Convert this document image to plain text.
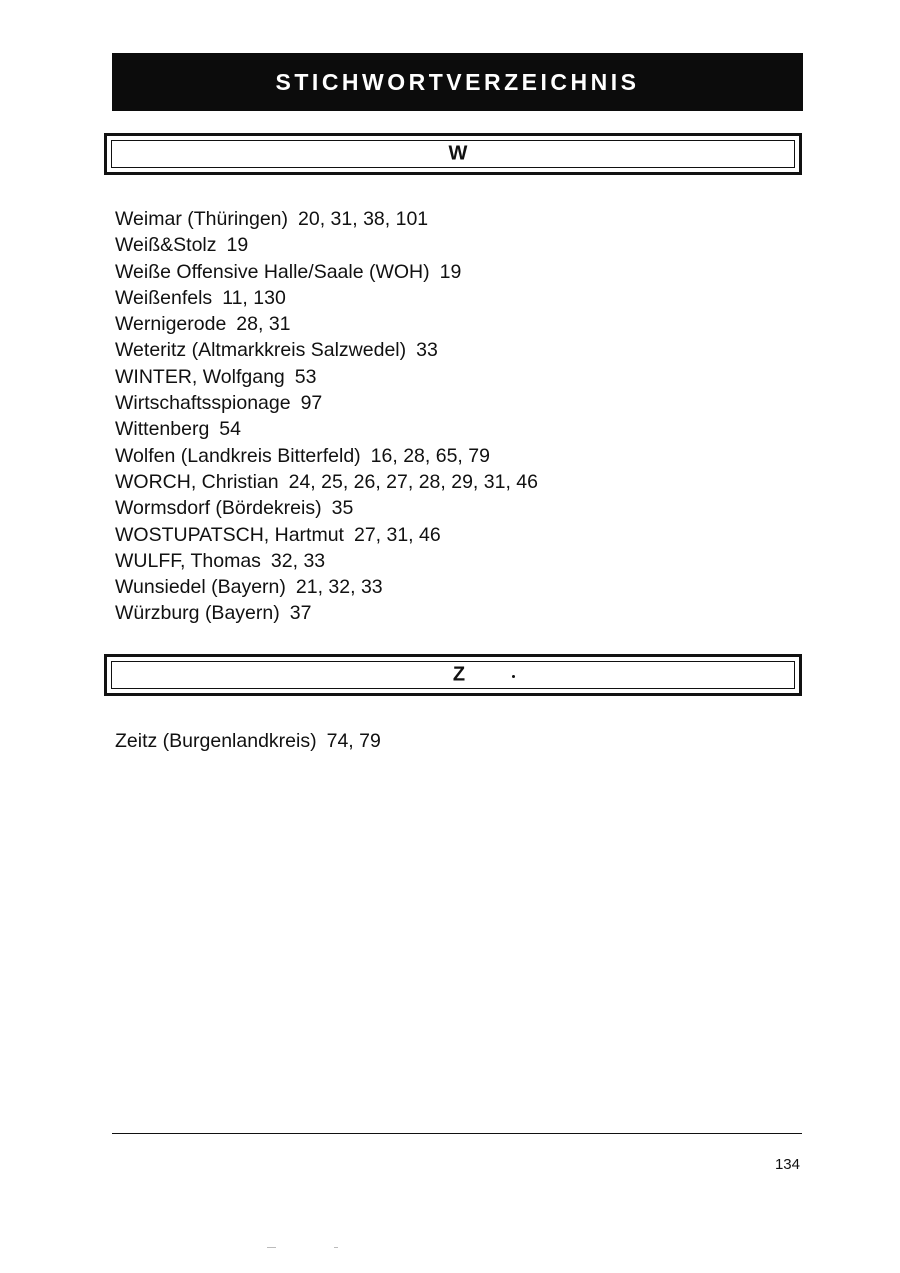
STICHWORTVERZEICHNIS
W
Weimar (Thüringen) 20, 31, 38, 101
Weiß&Stolz 19
Weiße Offensive Halle/Saale (WOH) 19
Weißenfels 11, 130
Wernigerode 28, 31
Weteritz (Altmarkkreis Salzwedel) 33
WINTER, Wolfgang 53
Wirtschaftsspionage 97
Wittenberg 54
Wolfen (Landkreis Bitterfeld) 16, 28, 65, 79
WORCH, Christian 24, 25, 26, 27, 28, 29, 31, 46
Wormsdorf (Bördekreis) 35
WOSTUPATSCH, Hartmut 27, 31, 46
WULFF, Thomas 32, 33
Wunsiedel (Bayern) 21, 32, 33
Würzburg (Bayern) 37
Z
Zeitz (Burgenlandkreis) 74, 79
134
